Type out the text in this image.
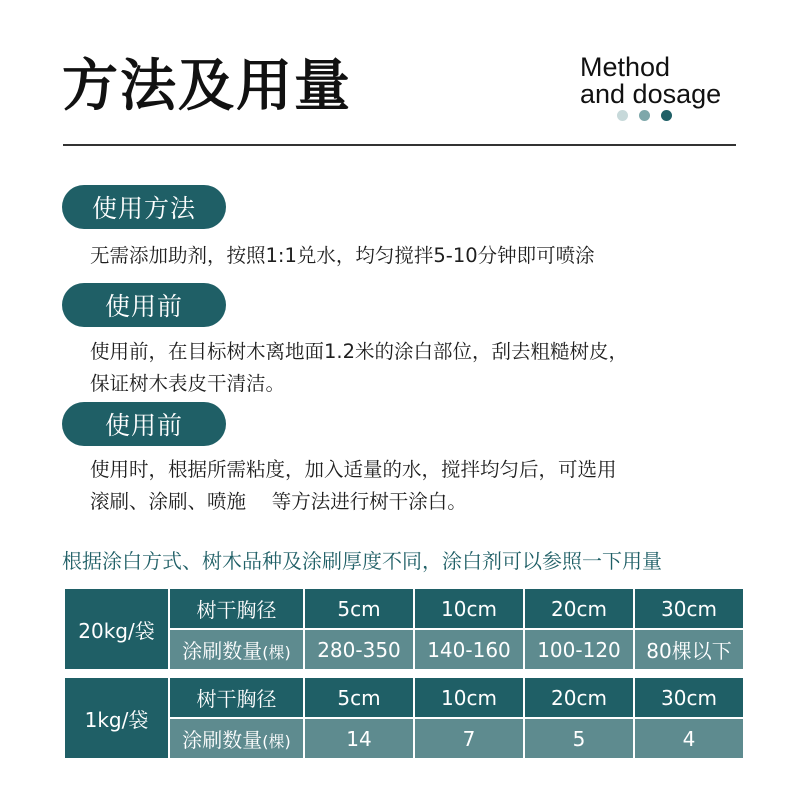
方法及用量	Method
and dosage
使用方法
无需添加助剂，按照1:1兑水，均匀搅拌5-10分钟即可喷涂
使用前
使用前，在目标树木离地面1.2米的涂白部位，刮去粗糙树皮，
保证树木表皮干清洁。
使用前
使用时，根据所需粘度，加入适量的水，搅拌均匀后，可选用
滚刷、涂刷、喷施　 等方法进行树干涂白。
根据涂白方式、树木品种及涂刷厚度不同，涂白剂可以参照一下用量
20kg/袋	树干胸径	5cm	10cm	20cm	30cm
	涂刷数量(棵)	280-350	140-160	100-120	80棵以下
1kg/袋	树干胸径	5cm	10cm	20cm	30cm
	涂刷数量(棵)	14	7	5	4
